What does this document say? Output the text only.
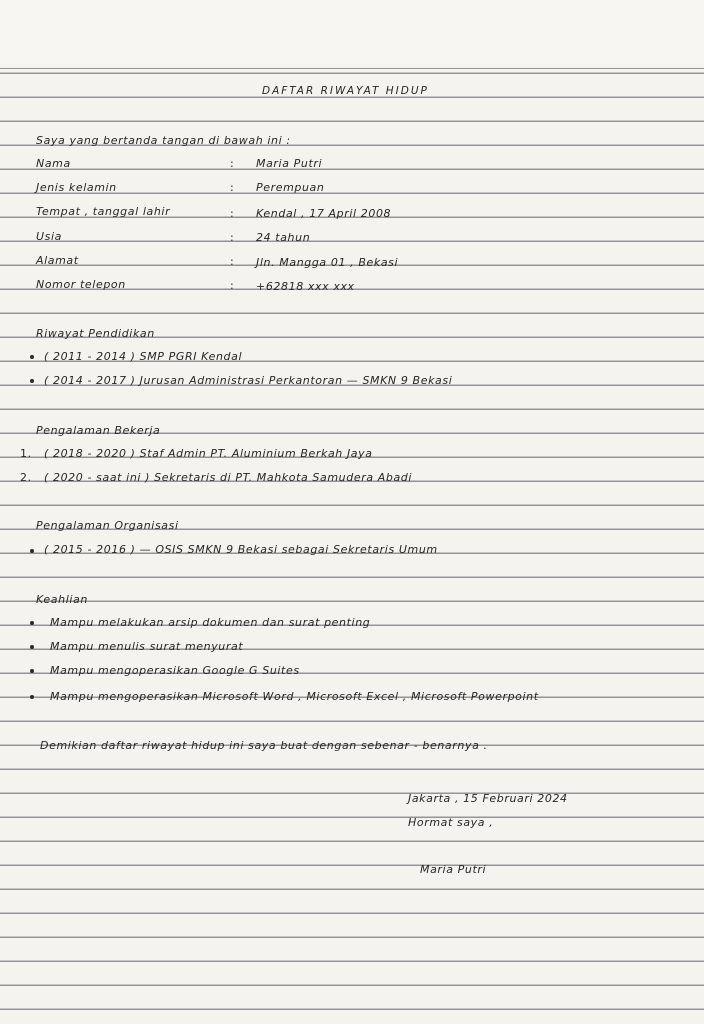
DAFTAR RIWAYAT HIDUP
Saya yang bertanda tangan di bawah ini :
Nama	: Maria Putri
Jenis kelamin	: Perempuan
Tempat , tanggal lahir	: Kendal , 17 April 2008
Usia	: 24 tahun
Alamat	: Jln. Mangga 01 , Bekasi
Nomor telepon	: +62818 xxx xxx
Riwayat Pendidikan
( 2011 - 2014 ) SMP PGRI Kendal
( 2014 - 2017 ) Jurusan Administrasi Perkantoran — SMKN 9 Bekasi
Pengalaman Bekerja
1. ( 2018 - 2020 ) Staf Admin PT. Aluminium Berkah Jaya
2. ( 2020 - saat ini ) Sekretaris di PT. Mahkota Samudera Abadi
Pengalaman Organisasi
( 2015 - 2016 ) — OSIS SMKN 9 Bekasi sebagai Sekretaris Umum
Keahlian
Mampu melakukan arsip dokumen dan surat penting
Mampu menulis surat menyurat
Mampu mengoperasikan Google G Suites
Mampu mengoperasikan Microsoft Word , Microsoft Excel , Microsoft Powerpoint
Demikian daftar riwayat hidup ini saya buat dengan sebenar - benarnya .
Jakarta , 15 Februari 2024
Hormat saya ,
Maria Putri
